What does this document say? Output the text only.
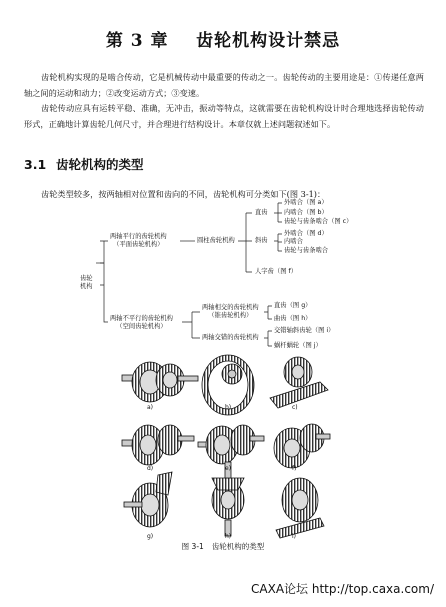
第 3 章 齿轮机构设计禁忌
齿轮机构实现的是啮合传动，它是机械传动中最重要的传动之一。齿轮传动的主要用途是：①传递任意两轴之间的运动和动力；②改变运动方式；③变速。
齿轮传动应具有运转平稳、准确，无冲击，振动等特点，这就需要在齿轮机构设计时合理地选择齿轮传动形式，正确地计算齿轮几何尺寸，并合理进行结构设计。本章仅就上述问题叙述如下。
3.1 齿轮机构的类型
齿轮类型较多，按两轴相对位置和齿向的不同，齿轮机构可分类如下(图 3-1)：
齿轮
机构
两轴平行的齿轮机构
（平面齿轮机构）
圆柱齿轮机构
直齿
外啮合（图 a）
内啮合（图 b）
齿轮与齿条啮合（图 c）
斜齿
外啮合（图 d）
内啮合
齿轮与齿条啮合
人字齿（图 f）
两轴不平行的齿轮机构
（空间齿轮机构）
两轴相交的齿轮机构
（锥齿轮机构）
直齿（图 g）
曲齿（图 h）
两轴交错的齿轮机构
交错轴斜齿轮（图 i）
蜗杆蜗轮（图 j）
a)	b)	c)
d)	e)	f)
g)	h)	i)
图 3-1 齿轮机构的类型
CAXA论坛 http://top.caxa.com/
